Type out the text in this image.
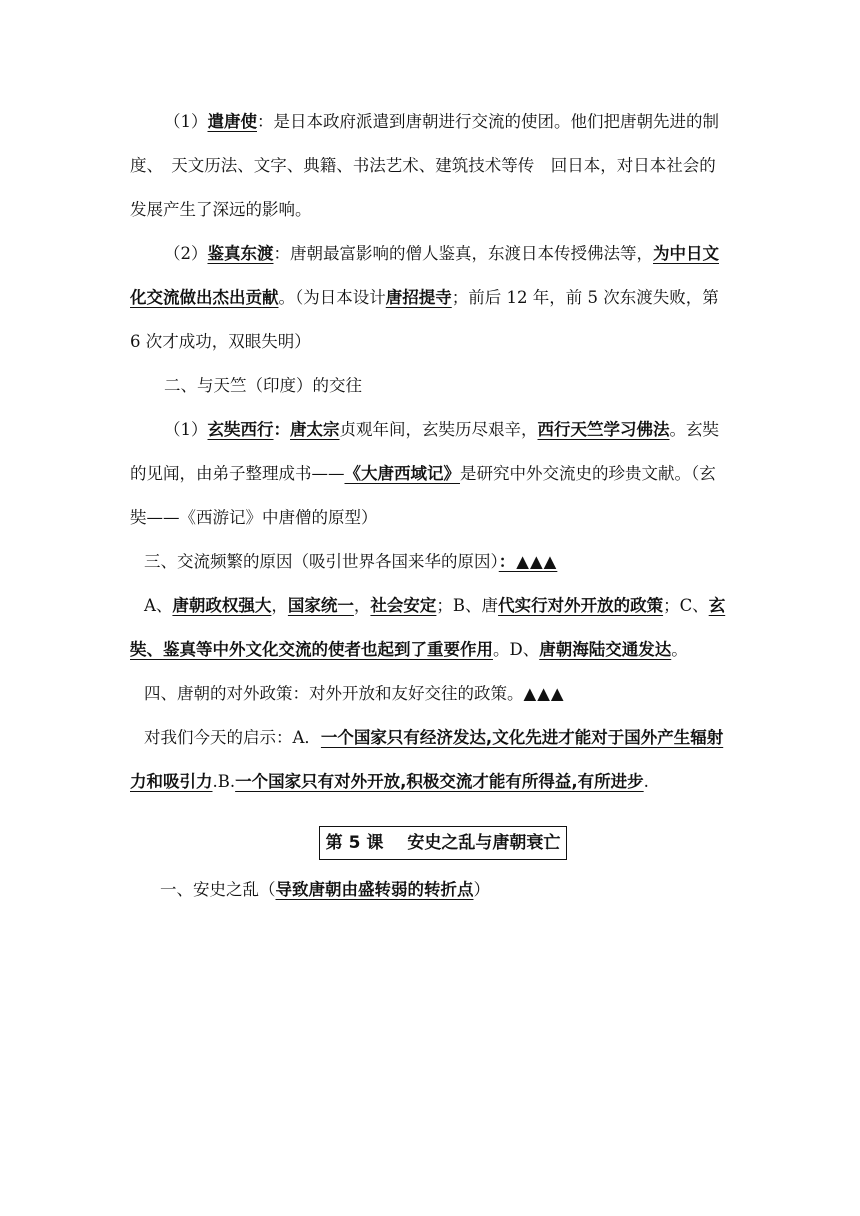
（1）遣唐使：是日本政府派遣到唐朝进行交流的使团。他们把唐朝先进的制度、　天文历法、文字、典籍、书法艺术、建筑技术等传　回日本，对日本社会的发展产生了深远的影响。

（2）鉴真东渡：唐朝最富影响的僧人鉴真，东渡日本传授佛法等，为中日文化交流做出杰出贡献。（为日本设计唐招提寺；前后 12 年，前 5 次东渡失败，第 6 次才成功，双眼失明）

二、与天竺（印度）的交往

（1）玄奘西行：唐太宗贞观年间，玄奘历尽艰辛，西行天竺学习佛法。玄奘的见闻，由弟子整理成书——《大唐西域记》是研究中外交流史的珍贵文献。（玄奘——《西游记》中唐僧的原型）

三、交流频繁的原因（吸引世界各国来华的原因）：▲▲▲

A、唐朝政权强大，国家统一，社会安定；B、唐代实行对外开放的政策；C、玄奘、鉴真等中外文化交流的使者也起到了重要作用。D、唐朝海陆交通发达。

四、唐朝的对外政策：对外开放和友好交往的政策。▲▲▲

对我们今天的启示：A．一个国家只有经济发达,文化先进才能对于国外产生辐射力和吸引力.B.一个国家只有对外开放,积极交流才能有所得益,有所进步.

第 5 课 安史之乱与唐朝衰亡

一、安史之乱（导致唐朝由盛转弱的转折点）
